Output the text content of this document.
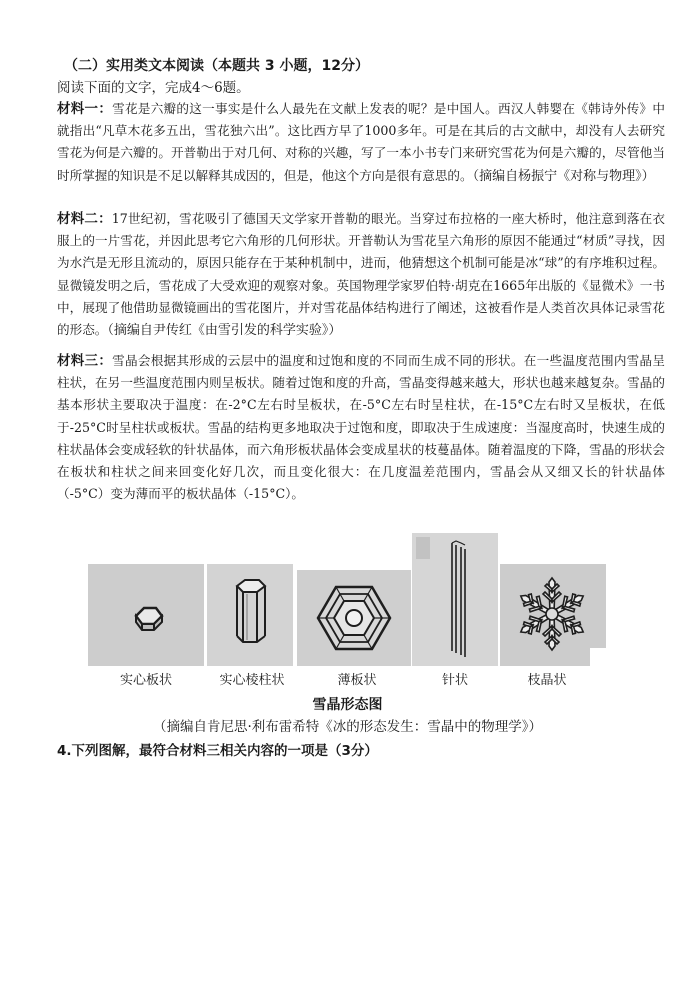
（二）实用类文本阅读（本题共 3 小题，12分）
阅读下面的文字，完成4～6题。
材料一：雪花是六瓣的这一事实是什么人最先在文献上发表的呢？是中国人。西汉人韩婴在《韩诗外传》中就指出“凡草木花多五出，雪花独六出”。这比西方早了1000多年。可是在其后的古文献中，却没有人去研究雪花为何是六瓣的。开普勒出于对几何、对称的兴趣，写了一本小书专门来研究雪花为何是六瓣的，尽管他当时所掌握的知识是不足以解释其成因的，但是，他这个方向是很有意思的。（摘编自杨振宁《对称与物理》）
材料二：17世纪初，雪花吸引了德国天文学家开普勒的眼光。当穿过布拉格的一座大桥时，他注意到落在衣服上的一片雪花，并因此思考它六角形的几何形状。开普勒认为雪花呈六角形的原因不能通过“材质”寻找，因为水汽是无形且流动的，原因只能存在于某种机制中，进而，他猜想这个机制可能是冰“球”的有序堆积过程。显微镜发明之后，雪花成了大受欢迎的观察对象。英国物理学家罗伯特·胡克在1665年出版的《显微术》一书中，展现了他借助显微镜画出的雪花图片，并对雪花晶体结构进行了阐述，这被看作是人类首次具体记录雪花的形态。（摘编自尹传红《由雪引发的科学实验》）
材料三：雪晶会根据其形成的云层中的温度和过饱和度的不同而生成不同的形状。在一些温度范围内雪晶呈柱状，在另一些温度范围内则呈板状。随着过饱和度的升高，雪晶变得越来越大，形状也越来越复杂。雪晶的基本形状主要取决于温度：在-2°C左右时呈板状，在-5°C左右时呈柱状，在-15°C左右时又呈板状，在低于-25°C时呈柱状或板状。雪晶的结构更多地取决于过饱和度，即取决于生成速度：当湿度高时，快速生成的柱状晶体会变成轻软的针状晶体，而六角形板状晶体会变成星状的枝蔓晶体。随着温度的下降，雪晶的形状会在板状和柱状之间来回变化好几次，而且变化很大：在几度温差范围内，雪晶会从又细又长的针状晶体（-5°C）变为薄而平的板状晶体（-15°C）。
实心板状	实心棱柱状	薄板状	针状	枝晶状
雪晶形态图
（摘编自肯尼思·利布雷希特《冰的形态发生：雪晶中的物理学》）
4.下列图解，最符合材料三相关内容的一项是（3分）
